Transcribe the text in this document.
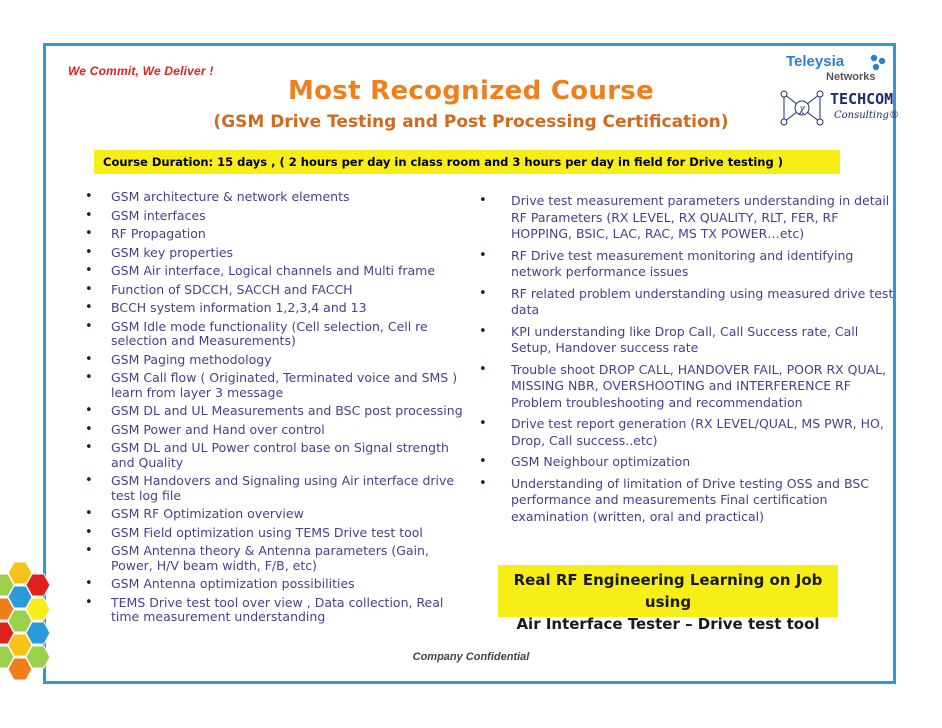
We Commit, We Deliver !
Most Recognized Course
(GSM Drive Testing and Post Processing Certification)
Teleysia
Networks
χ
TECHCOM
Consulting®
Course Duration: 15 days , ( 2 hours per day in class room and 3 hours per day in field for Drive testing )
• GSM architecture & network elements
• GSM interfaces
• RF Propagation
• GSM key properties
• GSM Air interface, Logical channels and Multi frame
• Function of SDCCH, SACCH and FACCH
• BCCH system information 1,2,3,4 and 13
• GSM Idle mode functionality (Cell selection, Cell re selection and Measurements)
• GSM Paging methodology
• GSM Call flow ( Originated, Terminated voice and SMS ) learn from layer 3 message
• GSM DL and UL Measurements and BSC post processing
• GSM Power and Hand over control
• GSM DL and UL Power control base on Signal strength and Quality
• GSM Handovers and Signaling using Air interface drive test log file
• GSM RF Optimization overview
• GSM Field optimization using TEMS Drive test tool
• GSM Antenna theory & Antenna parameters (Gain, Power, H/V beam width, F/B, etc)
• GSM Antenna optimization possibilities
• TEMS Drive test tool over view , Data collection, Real time measurement understanding
• Drive test measurement parameters understanding in detail RF Parameters (RX LEVEL, RX QUALITY, RLT, FER, RF HOPPING, BSIC, LAC, RAC, MS TX POWER…etc)
• RF Drive test measurement monitoring and identifying network performance issues
• RF related problem understanding using measured drive test data
• KPI understanding like Drop Call, Call Success rate, Call Setup, Handover success rate
• Trouble shoot DROP CALL, HANDOVER FAIL, POOR RX QUAL, MISSING NBR, OVERSHOOTING and INTERFERENCE RF Problem troubleshooting and recommendation
• Drive test report generation (RX LEVEL/QUAL, MS PWR, HO, Drop, Call success..etc)
• GSM Neighbour optimization
• Understanding of limitation of Drive testing OSS and BSC performance and measurements Final certification examination (written, oral and practical)
Real RF Engineering Learning on Job using
Air Interface Tester – Drive test tool
Company Confidential
